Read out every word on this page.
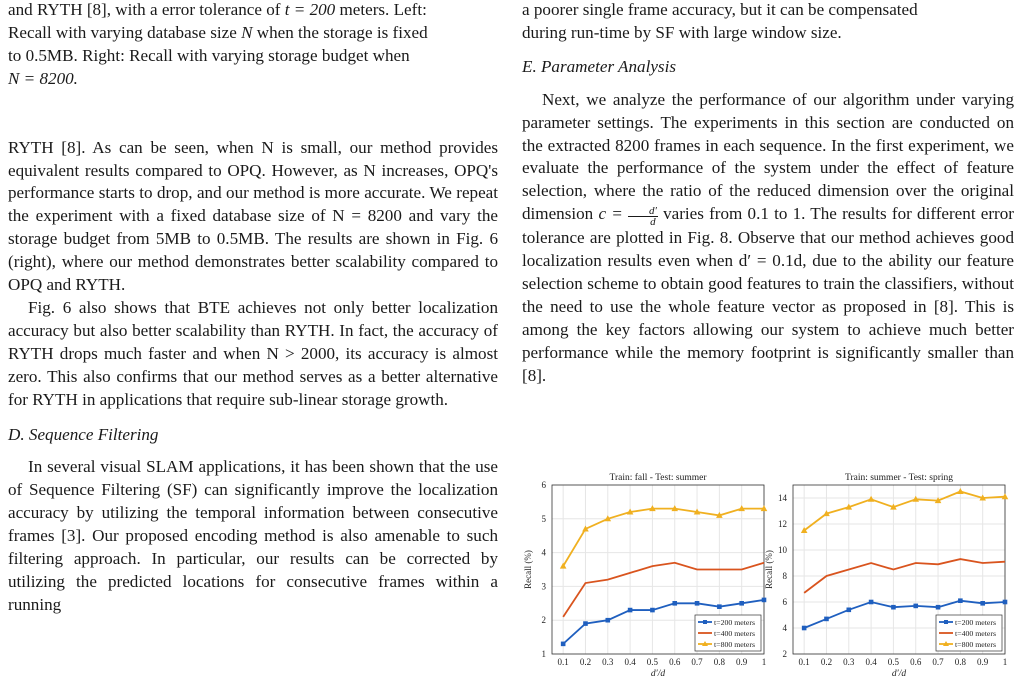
and RYTH [8], with a error tolerance of t = 200 meters. Left:
Recall with varying database size N when the storage is fixed
to 0.5MB. Right: Recall with varying storage budget when
N = 8200.

RYTH [8]. As can be seen, when N is small, our method provides equivalent results compared to OPQ. However, as N increases, OPQ's performance starts to drop, and our method is more accurate. We repeat the experiment with a fixed database size of N = 8200 and vary the storage budget from 5MB to 0.5MB. The results are shown in Fig. 6 (right), where our method demonstrates better scalability compared to OPQ and RYTH.

Fig. 6 also shows that BTE achieves not only better localization accuracy but also better scalability than RYTH. In fact, the accuracy of RYTH drops much faster and when N > 2000, its accuracy is almost zero. This also confirms that our method serves as a better alternative for RYTH in applications that require sub-linear storage growth.

D. Sequence Filtering

In several visual SLAM applications, it has been shown that the use of Sequence Filtering (SF) can significantly improve the localization accuracy by utilizing the temporal information between consecutive frames [3]. Our proposed encoding method is also amenable to such filtering approach. In particular, our results can be corrected by utilizing the predicted locations for consecutive frames within a running

a poorer single frame accuracy, but it can be compensated
during run-time by SF with large window size.

E. Parameter Analysis

Next, we analyze the performance of our algorithm under varying parameter settings. The experiments in this section are conducted on the extracted 8200 frames in each sequence. In the first experiment, we evaluate the performance of the system under the effect of feature selection, where the ratio of the reduced dimension over the original dimension $c = \frac{d'}{d}$ varies from 0.1 to 1. The results for different error tolerance are plotted in Fig. 8. Observe that our method achieves good localization results even when d′ = 0.1d, due to the ability our feature selection scheme to obtain good features to train the classifiers, without the need to use the whole feature vector as proposed in [8]. This is among the key factors allowing our system to achieve much better performance while the memory footprint is significantly smaller than [8].

Train: fall - Test: summer
1
2
3
4
5
6
0.1 0.2 0.3 0.4 0.5 0.6 0.7 0.8 0.9 1
Recall (%)
d′/d
t=200 meters
t=400 meters
t=800 meters
Train: summer - Test: spring
2
4
6
8
10
12
14
0.1 0.2 0.3 0.4 0.5 0.6 0.7 0.8 0.9 1
Recall (%)
d′/d
t=200 meters
t=400 meters
t=800 meters
